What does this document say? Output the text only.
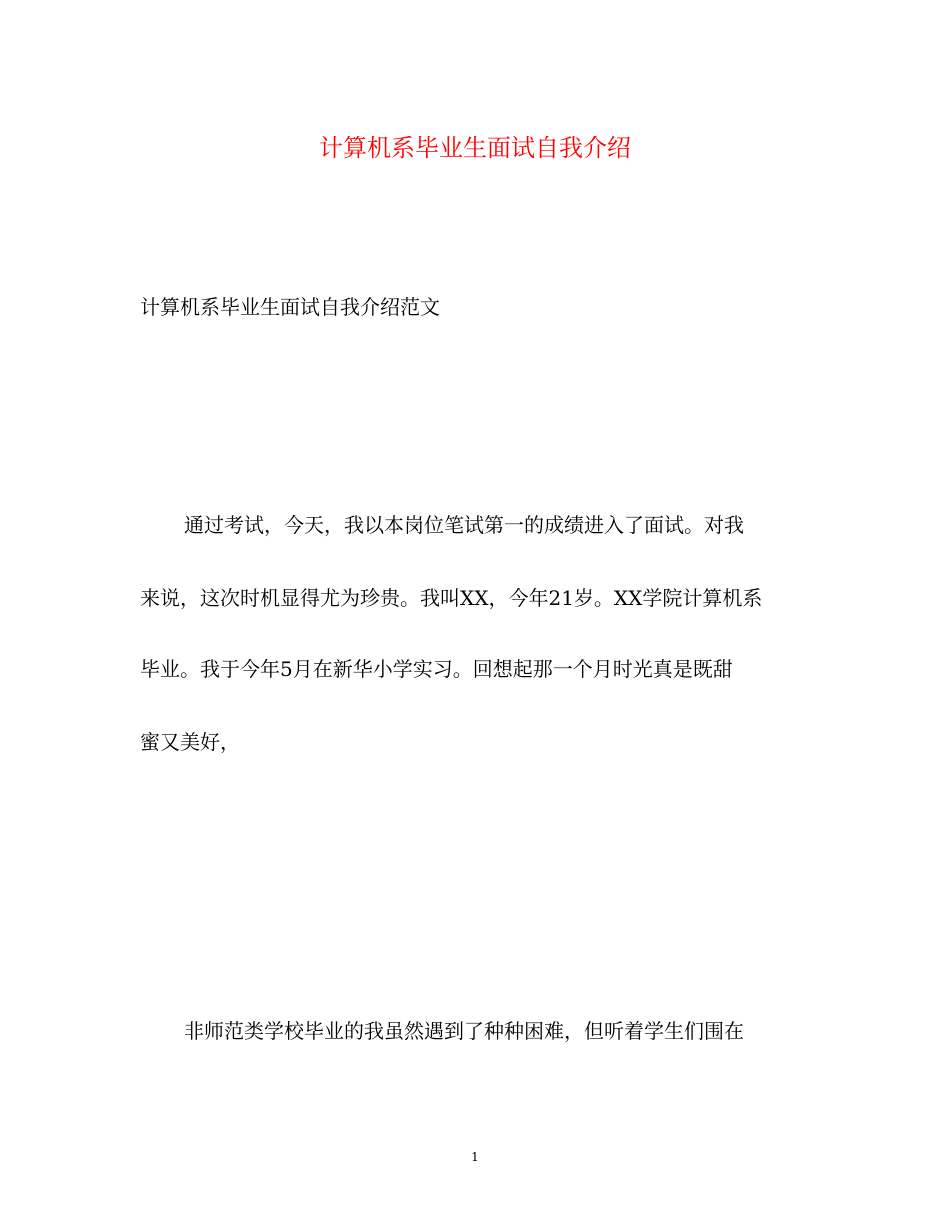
计算机系毕业生面试自我介绍

计算机系毕业生面试自我介绍范文

通过考试，今天，我以本岗位笔试第一的成绩进入了面试。对我

来说，这次时机显得尤为珍贵。我叫XX，今年21岁。XX学院计算机系

毕业。我于今年5月在新华小学实习。回想起那一个月时光真是既甜

蜜又美好，

非师范类学校毕业的我虽然遇到了种种困难，但听着学生们围在

1
